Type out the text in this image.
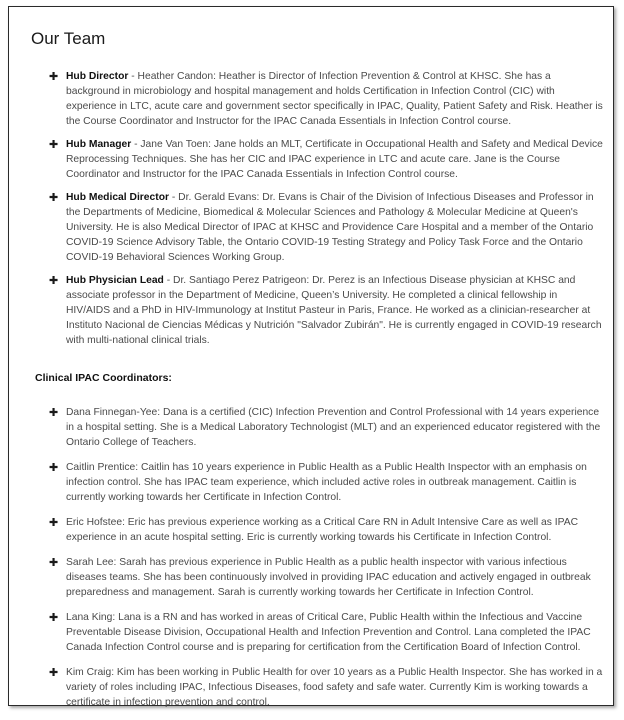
Our Team
✚ Hub Director - Heather Candon: Heather is Director of Infection Prevention & Control at KHSC. She has a background in microbiology and hospital management and holds Certification in Infection Control (CIC) with experience in LTC, acute care and government sector specifically in IPAC, Quality, Patient Safety and Risk. Heather is the Course Coordinator and Instructor for the IPAC Canada Essentials in Infection Control course.
✚ Hub Manager - Jane Van Toen: Jane holds an MLT, Certificate in Occupational Health and Safety and Medical Device Reprocessing Techniques. She has her CIC and IPAC experience in LTC and acute care. Jane is the Course Coordinator and Instructor for the IPAC Canada Essentials in Infection Control course.
✚ Hub Medical Director - Dr. Gerald Evans: Dr. Evans is Chair of the Division of Infectious Diseases and Professor in the Departments of Medicine, Biomedical & Molecular Sciences and Pathology & Molecular Medicine at Queen's University. He is also Medical Director of IPAC at KHSC and Providence Care Hospital and a member of the Ontario COVID-19 Science Advisory Table, the Ontario COVID-19 Testing Strategy and Policy Task Force and the Ontario COVID-19 Behavioral Sciences Working Group.
✚ Hub Physician Lead - Dr. Santiago Perez Patrigeon: Dr. Perez is an Infectious Disease physician at KHSC and associate professor in the Department of Medicine, Queen’s University. He completed a clinical fellowship in HIV/AIDS and a PhD in HIV-Immunology at Institut Pasteur in Paris, France. He worked as a clinician-researcher at Instituto Nacional de Ciencias Médicas y Nutrición "Salvador Zubirán". He is currently engaged in COVID-19 research with multi-national clinical trials.
Clinical IPAC Coordinators:
✚ Dana Finnegan-Yee: Dana is a certified (CIC) Infection Prevention and Control Professional with 14 years experience in a hospital setting. She is a Medical Laboratory Technologist (MLT) and an experienced educator registered with the Ontario College of Teachers.
✚ Caitlin Prentice: Caitlin has 10 years experience in Public Health as a Public Health Inspector with an emphasis on infection control. She has IPAC team experience, which included active roles in outbreak management. Caitlin is currently working towards her Certificate in Infection Control.
✚ Eric Hofstee: Eric has previous experience working as a Critical Care RN in Adult Intensive Care as well as IPAC experience in an acute hospital setting. Eric is currently working towards his Certificate in Infection Control.
✚ Sarah Lee: Sarah has previous experience in Public Health as a public health inspector with various infectious diseases teams. She has been continuously involved in providing IPAC education and actively engaged in outbreak preparedness and management. Sarah is currently working towards her Certificate in Infection Control.
✚ Lana King: Lana is a RN and has worked in areas of Critical Care, Public Health within the Infectious and Vaccine Preventable Disease Division, Occupational Health and Infection Prevention and Control. Lana completed the IPAC Canada Infection Control course and is preparing for certification from the Certification Board of Infection Control.
✚ Kim Craig: Kim has been working in Public Health for over 10 years as a Public Health Inspector. She has worked in a variety of roles including IPAC, Infectious Diseases, food safety and safe water. Currently Kim is working towards a certificate in infection prevention and control.
